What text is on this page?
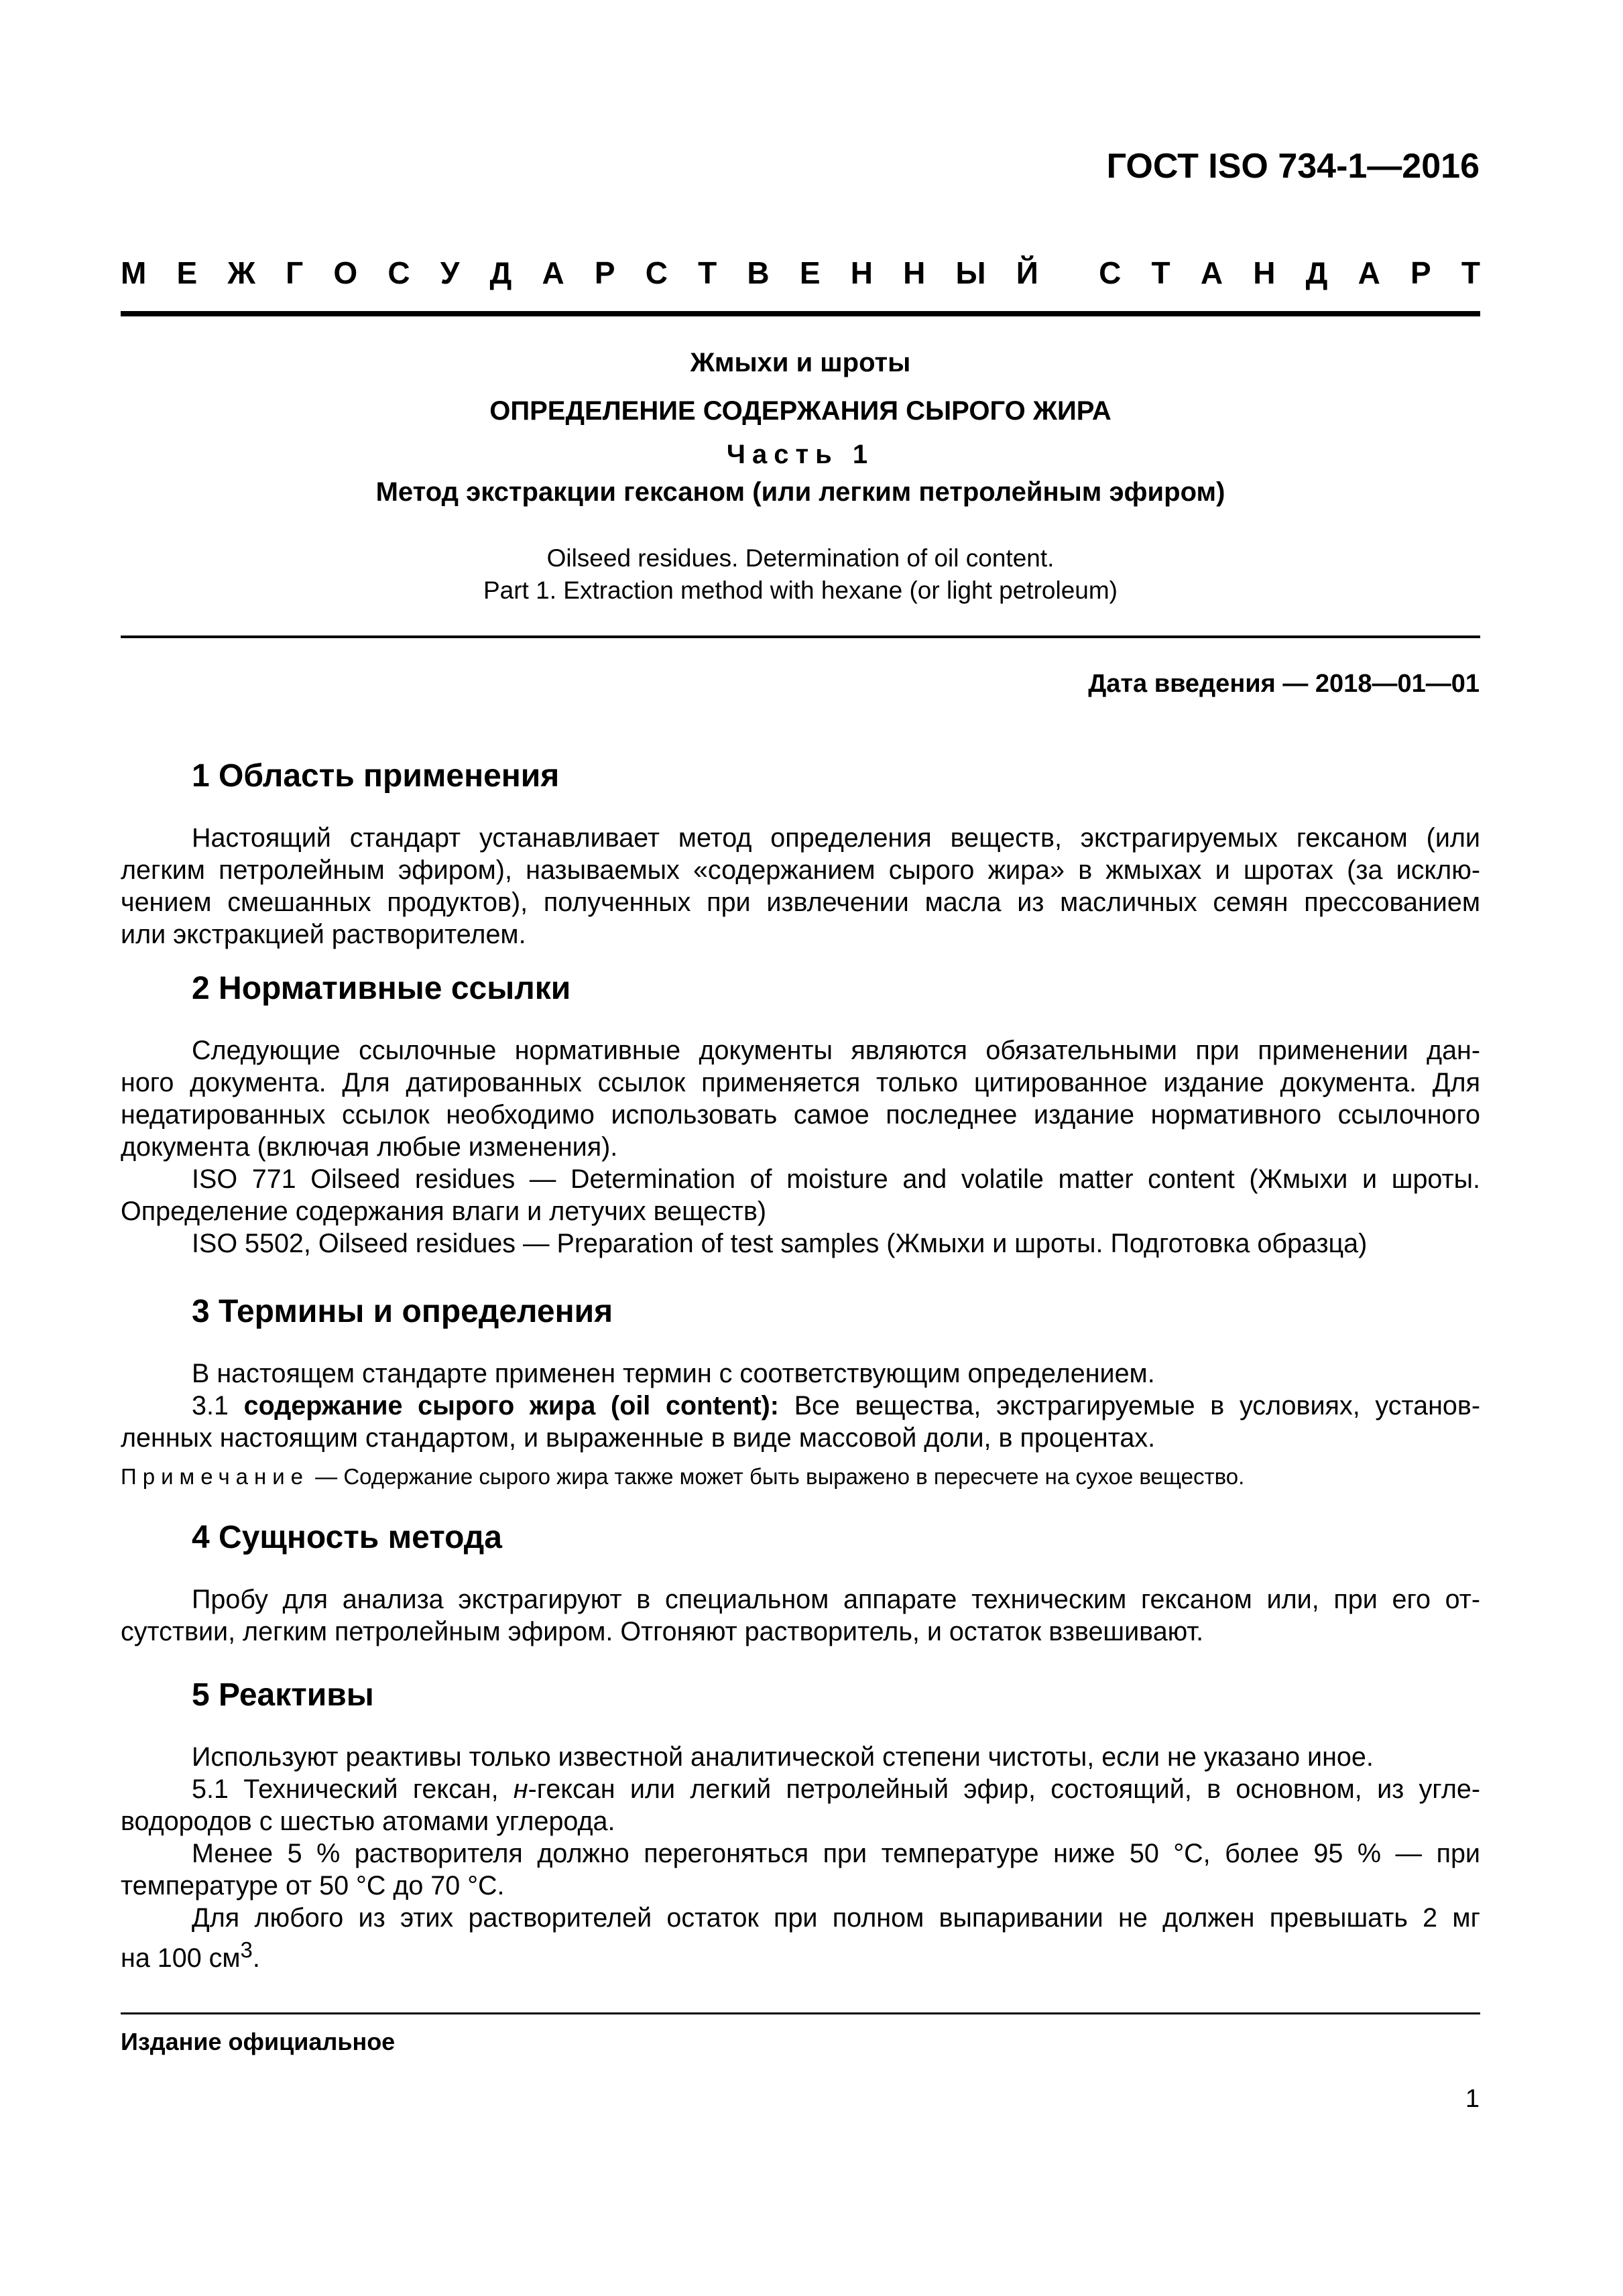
ГОСТ ISO 734-1—2016
М Е Ж Г О С У Д А Р С Т В Е Н Н Ы Й С Т А Н Д А Р Т
Жмыхи и шроты
ОПРЕДЕЛЕНИЕ СОДЕРЖАНИЯ СЫРОГО ЖИРА
Часть 1
Метод экстракции гексаном (или легким петролейным эфиром)
Oilseed residues. Determination of oil content.
Part 1. Extraction method with hexane (or light petroleum)
Дата введения — 2018—01—01
1 Область применения
Настоящий стандарт устанавливает метод определения веществ, экстрагируемых гексаном (или
легким петролейным эфиром), называемых «содержанием сырого жира» в жмыхах и шротах (за исклю-
чением смешанных продуктов), полученных при извлечении масла из масличных семян прессованием
или экстракцией растворителем.
2 Нормативные ссылки
Следующие ссылочные нормативные документы являются обязательными при применении дан-
ного документа. Для датированных ссылок применяется только цитированное издание документа. Для
недатированных ссылок необходимо использовать самое последнее издание нормативного ссылочного
документа (включая любые изменения).
ISO 771 Oilseed residues — Determination of moisture and volatile matter content (Жмыхи и шроты.
Определение содержания влаги и летучих веществ)
ISO 5502, Oilseed residues — Preparation of test samples (Жмыхи и шроты. Подготовка образца)
3 Термины и определения
В настоящем стандарте применен термин с соответствующим определением.
3.1 содержание сырого жира (oil content): Все вещества, экстрагируемые в условиях, установ-
ленных настоящим стандартом, и выраженные в виде массовой доли, в процентах.
Примечание — Содержание сырого жира также может быть выражено в пересчете на сухое вещество.
4 Сущность метода
Пробу для анализа экстрагируют в специальном аппарате техническим гексаном или, при его от-
сутствии, легким петролейным эфиром. Отгоняют растворитель, и остаток взвешивают.
5 Реактивы
Используют реактивы только известной аналитической степени чистоты, если не указано иное.
5.1 Технический гексан, н-гексан или легкий петролейный эфир, состоящий, в основном, из угле-
водородов с шестью атомами углерода.
Менее 5 % растворителя должно перегоняться при температуре ниже 50 °С, более 95 % — при
температуре от 50 °С до 70 °С.
Для любого из этих растворителей остаток при полном выпаривании не должен превышать 2 мг
на 100 $см^3$.
Издание официальное
1
